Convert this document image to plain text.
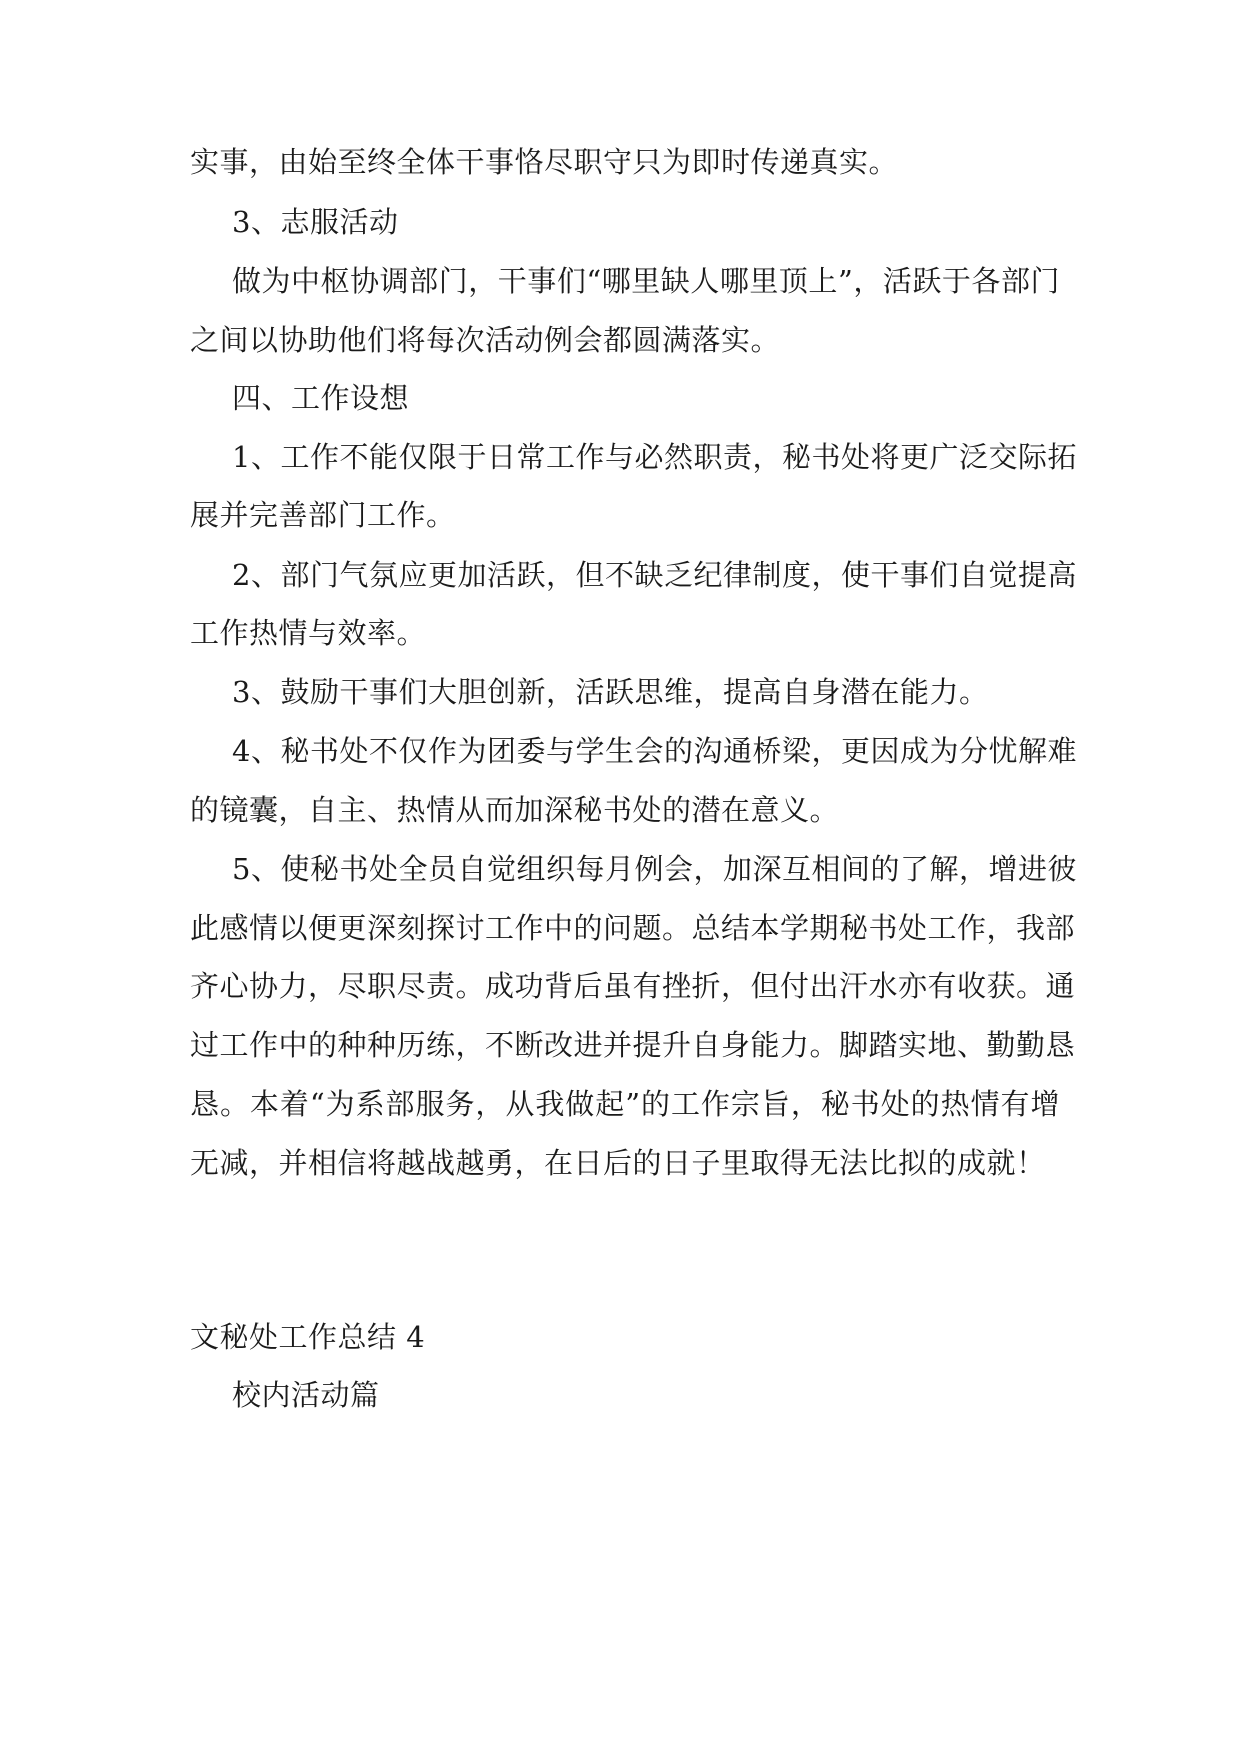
实事，由始至终全体干事恪尽职守只为即时传递真实。
3、志服活动
做为中枢协调部门，干事们“哪里缺人哪里顶上”，活跃于各部门
之间以协助他们将每次活动例会都圆满落实。
四、工作设想
1、工作不能仅限于日常工作与必然职责，秘书处将更广泛交际拓
展并完善部门工作。
2、部门气氛应更加活跃，但不缺乏纪律制度，使干事们自觉提高
工作热情与效率。
3、鼓励干事们大胆创新，活跃思维，提高自身潜在能力。
4、秘书处不仅作为团委与学生会的沟通桥梁，更因成为分忧解难
的镜囊，自主、热情从而加深秘书处的潜在意义。
5、使秘书处全员自觉组织每月例会，加深互相间的了解，增进彼
此感情以便更深刻探讨工作中的问题。总结本学期秘书处工作，我部
齐心协力，尽职尽责。成功背后虽有挫折，但付出汗水亦有收获。通
过工作中的种种历练，不断改进并提升自身能力。脚踏实地、勤勤恳
恳。本着“为系部服务，从我做起”的工作宗旨，秘书处的热情有增
无减，并相信将越战越勇，在日后的日子里取得无法比拟的成就！
文秘处工作总结 4
校内活动篇
